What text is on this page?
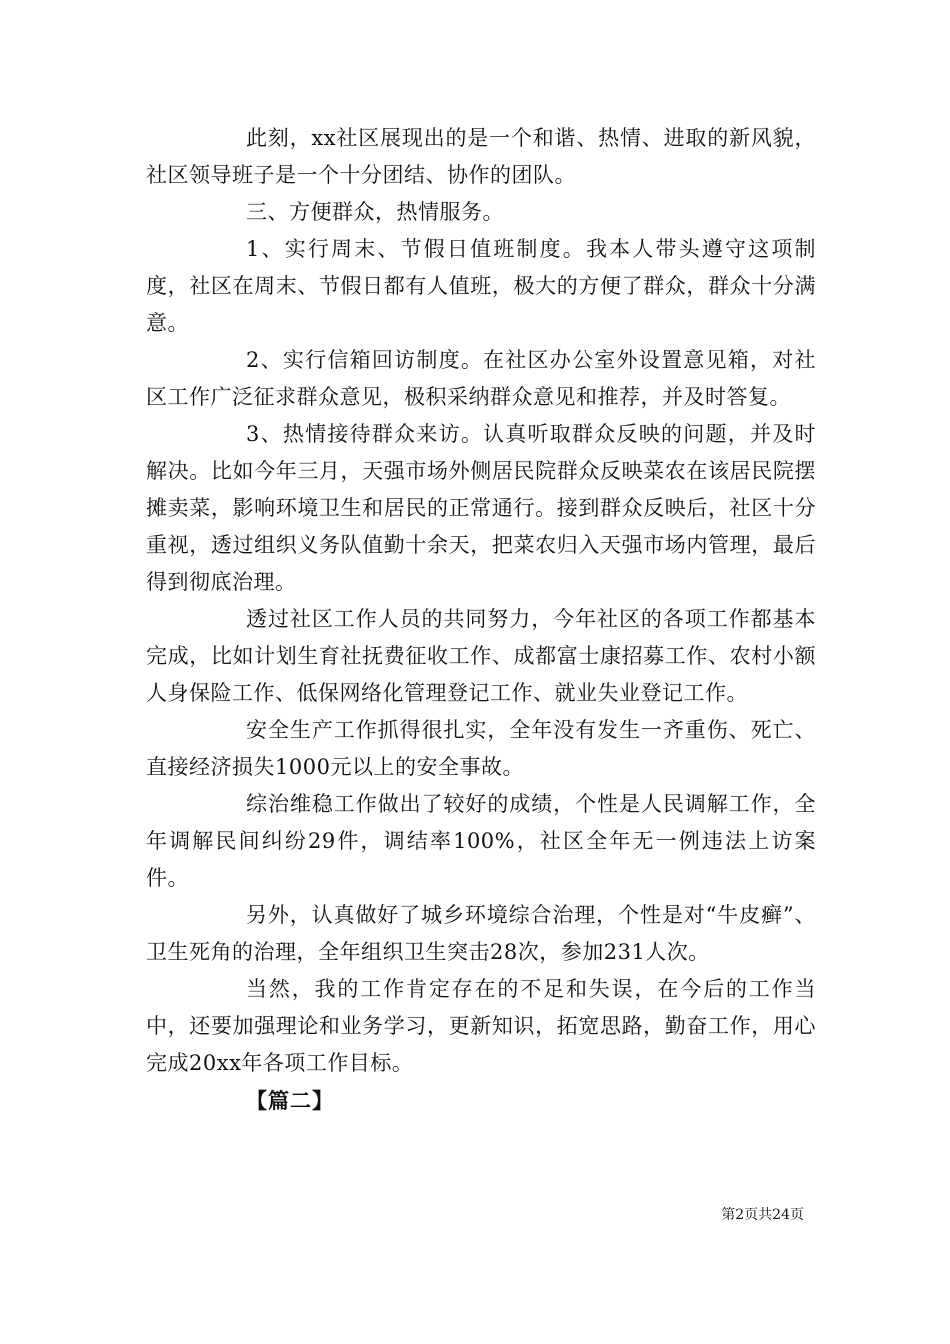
此刻，xx社区展现出的是一个和谐、热情、进取的新风貌，社区领导班子是一个十分团结、协作的团队。

三、方便群众，热情服务。

1、实行周末、节假日值班制度。我本人带头遵守这项制度，社区在周末、节假日都有人值班，极大的方便了群众，群众十分满意。

2、实行信箱回访制度。在社区办公室外设置意见箱，对社区工作广泛征求群众意见，极积采纳群众意见和推荐，并及时答复。

3、热情接待群众来访。认真听取群众反映的问题，并及时解决。比如今年三月，天强市场外侧居民院群众反映菜农在该居民院摆摊卖菜，影响环境卫生和居民的正常通行。接到群众反映后，社区十分重视，透过组织义务队值勤十余天，把菜农归入天强市场内管理，最后得到彻底治理。

透过社区工作人员的共同努力，今年社区的各项工作都基本完成，比如计划生育社抚费征收工作、成都富士康招募工作、农村小额人身保险工作、低保网络化管理登记工作、就业失业登记工作。

安全生产工作抓得很扎实，全年没有发生一齐重伤、死亡、直接经济损失1000元以上的安全事故。

综治维稳工作做出了较好的成绩，个性是人民调解工作，全年调解民间纠纷29件，调结率100%，社区全年无一例违法上访案件。

另外，认真做好了城乡环境综合治理，个性是对“牛皮癣”、卫生死角的治理，全年组织卫生突击28次，参加231人次。

当然，我的工作肯定存在的不足和失误，在今后的工作当中，还要加强理论和业务学习，更新知识，拓宽思路，勤奋工作，用心完成20xx年各项工作目标。

【篇二】

第2页共24页
